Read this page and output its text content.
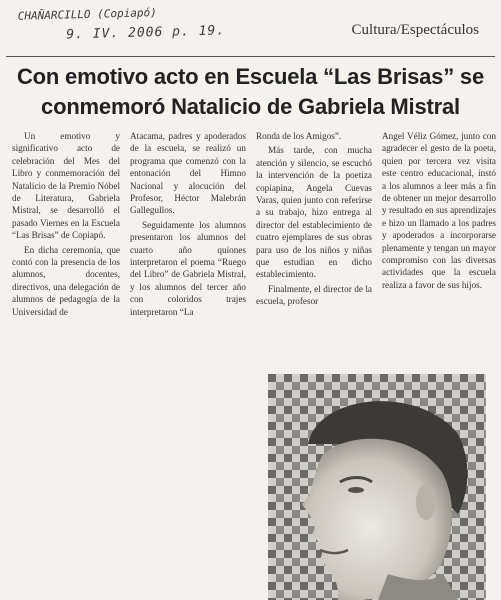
CHAÑARCILLO (Copiapó)
9. IV. 2006 p. 19.	Cultura/Espectáculos
Con emotivo acto en Escuela “Las Brisas” se conmemoró Natalicio de Gabriela Mistral

Un emotivo y significativo acto de celebración del Mes del Libro y conmemoración del Natalicio de la Premio Nóbel de Literatura, Gabriela Mistral, se desarrolló el pasado Viernes en la Escuela “Las Brisas” de Copiapó.

En dicha ceremonia, que contó con la presencia de los alumnos, docentes, directivos, una delegación de alumnos de pedagogía de la Universidad de

Atacama, padres y apoderados de la escuela, se realizó un programa que comenzó con la entonación del Himno Nacional y alocución del Profesor, Héctor Malebrán Gallegullos.

Seguidamente los alumnos presentaron los alumnos del cuarto año quiones interpretaron el poema “Ruego del Libro” de Gabriela Mistral, y los alumnos del tercer año con coloridos trajes interpretaron “La

Ronda de los Amigos”.

Más tarde, con mucha atención y silencio, se escuchó la intervención de la poetiza copiapina, Angela Cuevas Varas, quien junto con referirse a su trabajo, hizo entrega al director del establecimiento de cuatro ejemplares de sus obras para uso de los niños y niñas que estudian en dicho establecimiento.

Finalmente, el director de la escuela, profesor

Angel Véliz Gómez, junto con agradecer el gesto de la poeta, quien por tercera vez visita este centro educacional, instó a los alumnos a leer más a fin de obtener un mejor desarrollo y resultado en sus aprendizajes e hizo un llamado a los padres y apoderados a incorporarse plenamente y tengan un mayor compromiso con las diversas actividades que la escuela realiza a favor de sus hijos.
